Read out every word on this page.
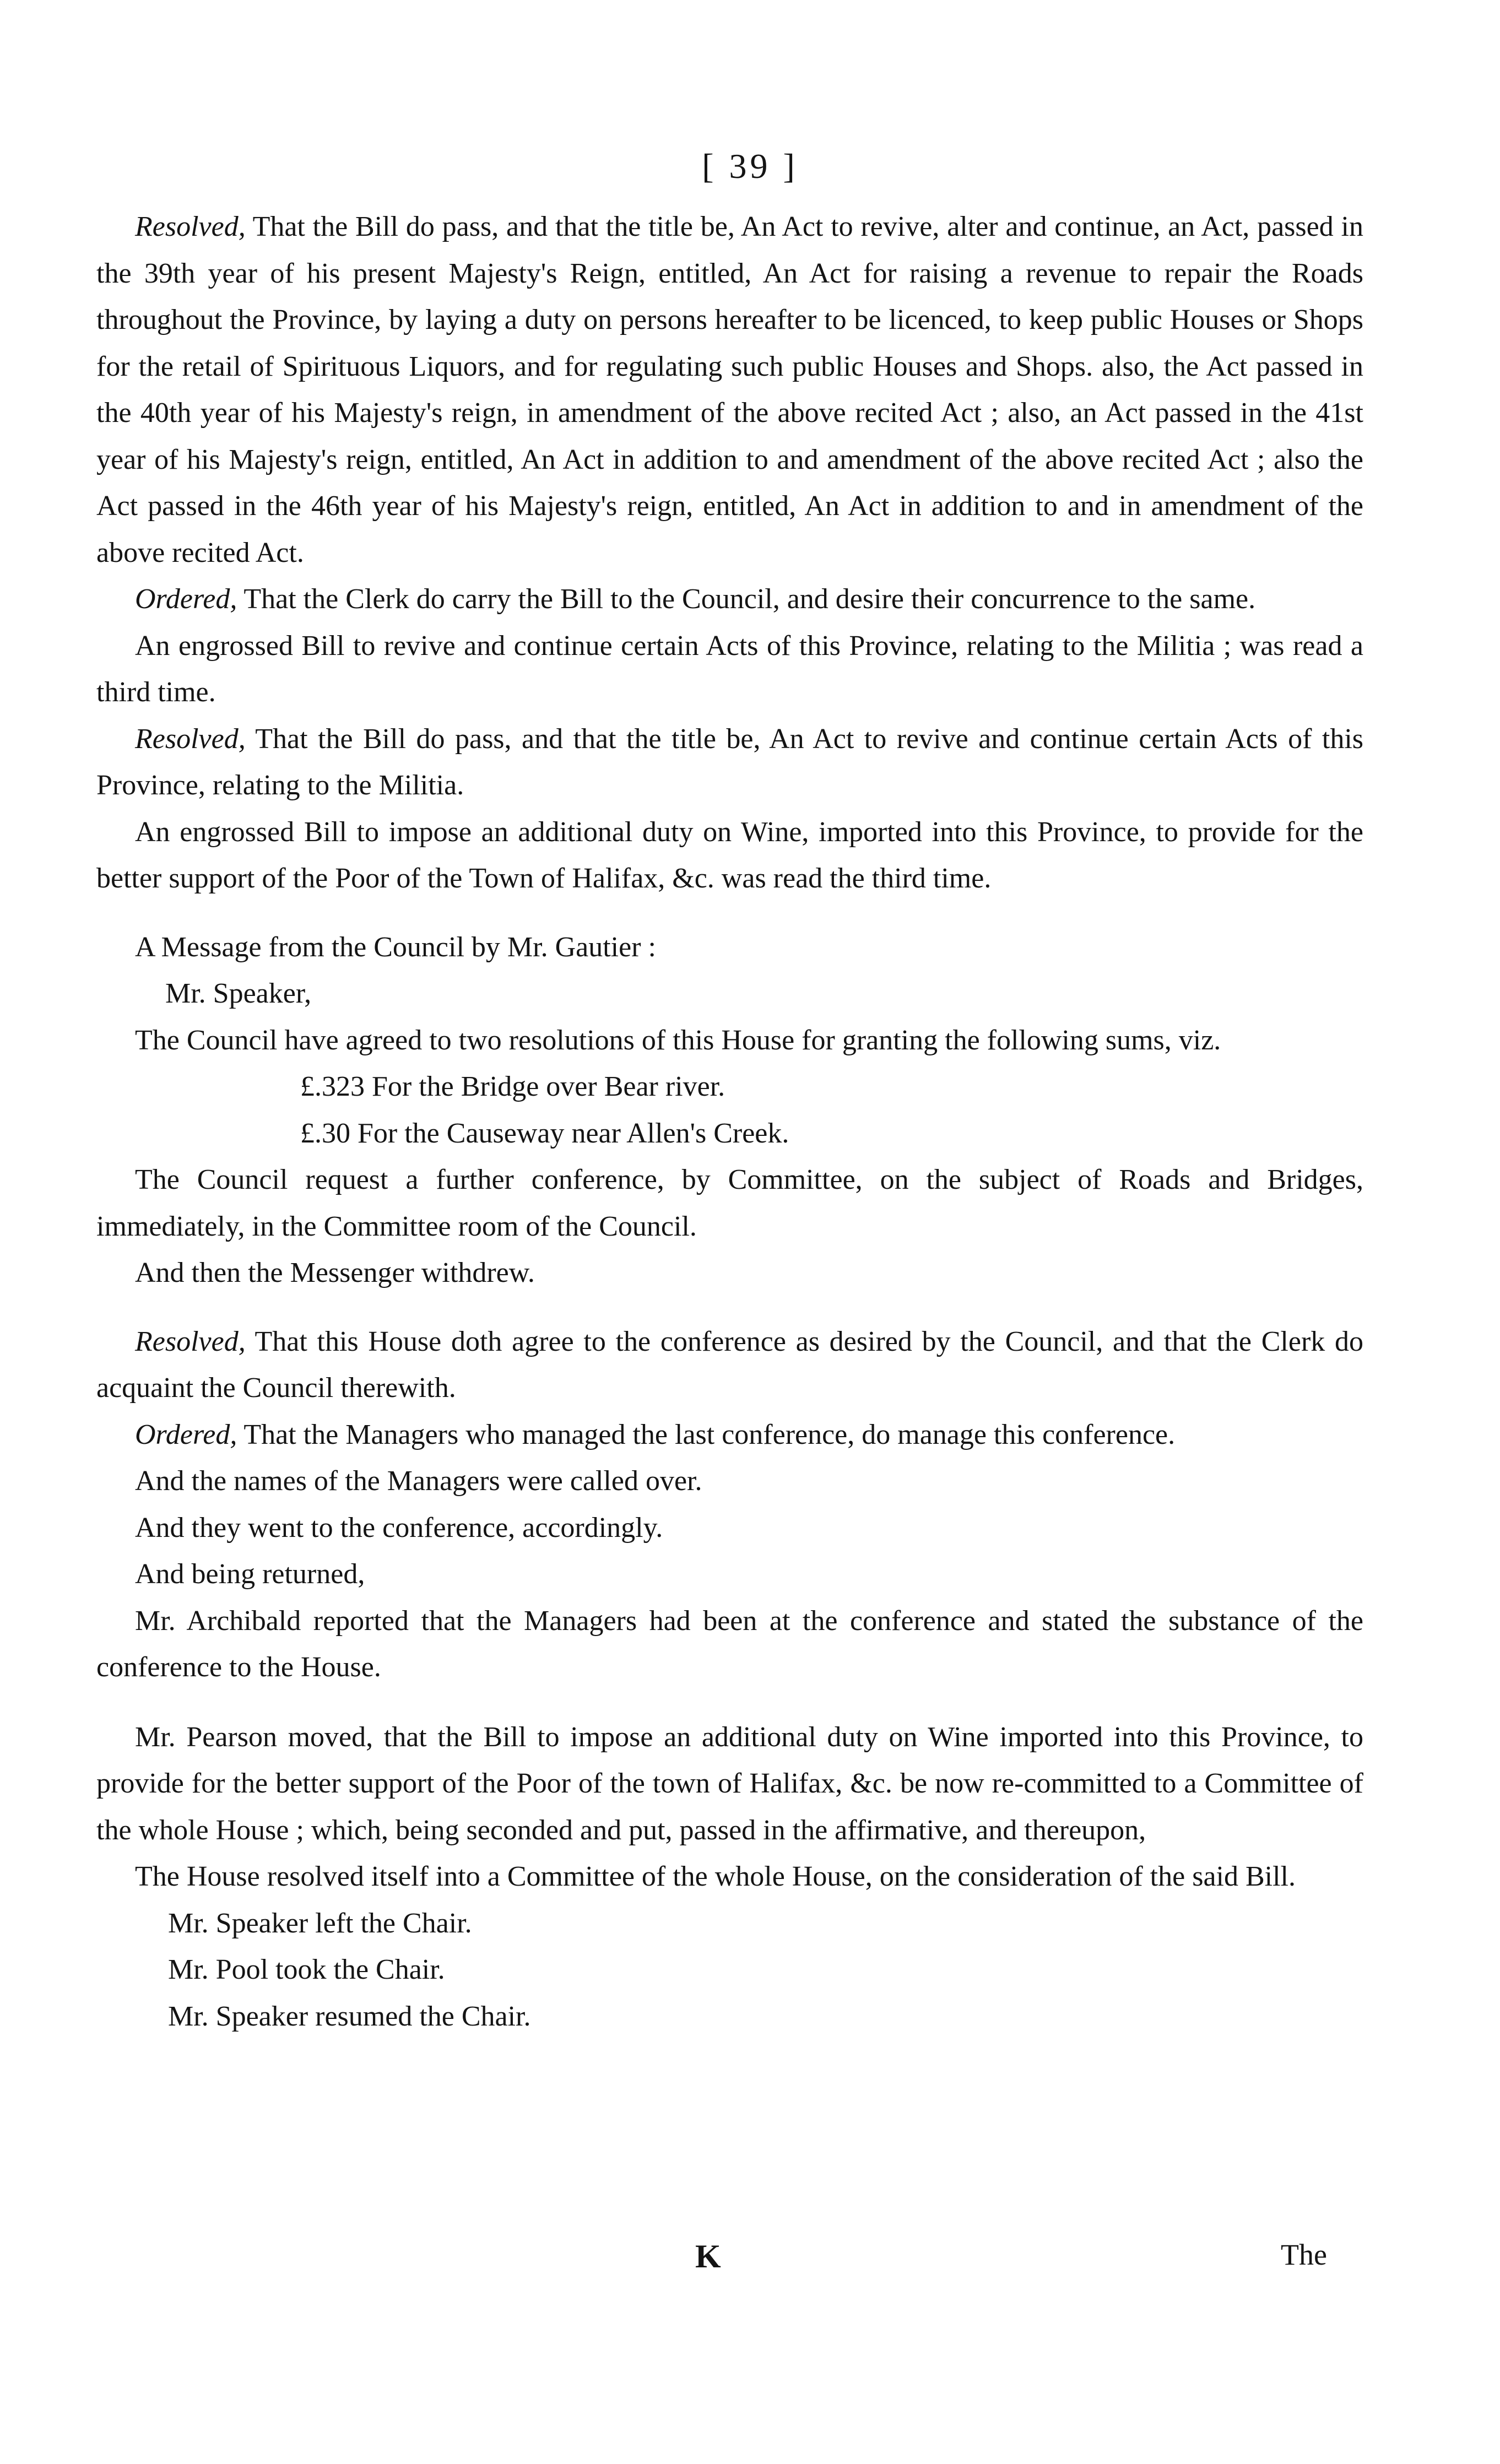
[ 39 ]

Resolved, That the Bill do pass, and that the title be, An Act to revive, alter and continue, an Act, passed in the 39th year of his present Majesty's Reign, entitled, An Act for raising a revenue to repair the Roads throughout the Province, by laying a duty on persons hereafter to be licenced, to keep public Houses or Shops for the retail of Spirituous Liquors, and for regulating such public Houses and Shops. also, the Act passed in the 40th year of his Majesty's reign, in amendment of the above recited Act ; also, an Act passed in the 41st year of his Majesty's reign, entitled, An Act in addition to and amendment of the above recited Act ; also the Act passed in the 46th year of his Majesty's reign, entitled, An Act in addition to and in amendment of the above recited Act.

Ordered, That the Clerk do carry the Bill to the Council, and desire their concurrence to the same.

An engrossed Bill to revive and continue certain Acts of this Province, relating to the Militia ; was read a third time.

Resolved, That the Bill do pass, and that the title be, An Act to revive and continue certain Acts of this Province, relating to the Militia.

An engrossed Bill to impose an additional duty on Wine, imported into this Province, to provide for the better support of the Poor of the Town of Halifax, &c. was read the third time.

A Message from the Council by Mr. Gautier :

Mr. Speaker,

The Council have agreed to two resolutions of this House for granting the following sums, viz.

£.323 For the Bridge over Bear river.

£.30 For the Causeway near Allen's Creek.

The Council request a further conference, by Committee, on the subject of Roads and Bridges, immediately, in the Committee room of the Council.

And then the Messenger withdrew.

Resolved, That this House doth agree to the conference as desired by the Council, and that the Clerk do acquaint the Council therewith.

Ordered, That the Managers who managed the last conference, do manage this conference.

And the names of the Managers were called over.

And they went to the conference, accordingly.

And being returned,

Mr. Archibald reported that the Managers had been at the conference and stated the substance of the conference to the House.

Mr. Pearson moved, that the Bill to impose an additional duty on Wine imported into this Province, to provide for the better support of the Poor of the town of Halifax, &c. be now re-committed to a Committee of the whole House ; which, being seconded and put, passed in the affirmative, and thereupon,

The House resolved itself into a Committee of the whole House, on the consideration of the said Bill.

Mr. Speaker left the Chair.

Mr. Pool took the Chair.

Mr. Speaker resumed the Chair.

K	The
